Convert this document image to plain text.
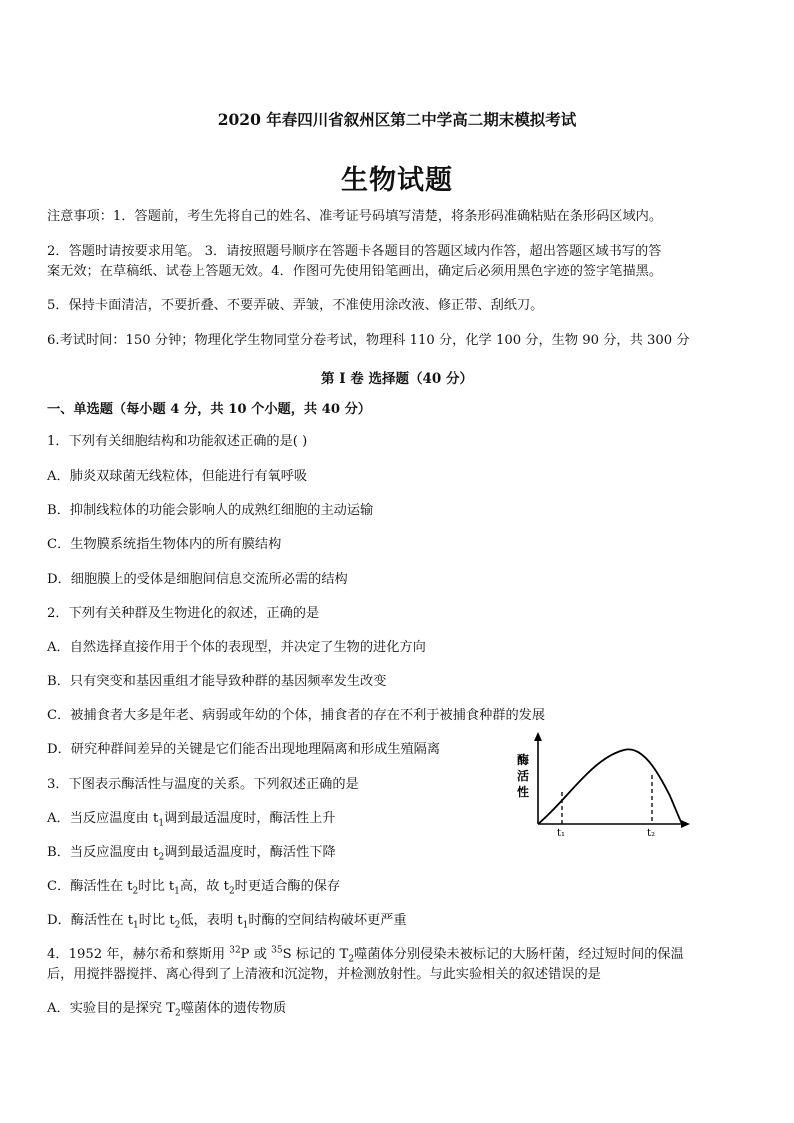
2020 年春四川省叙州区第二中学高二期末模拟考试
生物试题
注意事项：1．答题前，考生先将自己的姓名、准考证号码填写清楚，将条形码准确粘贴在条形码区域内。
2．答题时请按要求用笔。 3．请按照题号顺序在答题卡各题目的答题区域内作答，超出答题区域书写的答
案无效；在草稿纸、试卷上答题无效。4．作图可先使用铅笔画出，确定后必须用黑色字迹的签字笔描黑。
5．保持卡面清洁，不要折叠、不要弄破、弄皱，不准使用涂改液、修正带、刮纸刀。
6.考试时间：150 分钟；物理化学生物同堂分卷考试，物理科 110 分，化学 100 分，生物 90 分，共 300 分
第 I 卷 选择题（40 分）
一、单选题（每小题 4 分，共 10 个小题，共 40 分）
1．下列有关细胞结构和功能叙述正确的是( )
A．肺炎双球菌无线粒体，但能进行有氧呼吸
B．抑制线粒体的功能会影响人的成熟红细胞的主动运输
C．生物膜系统指生物体内的所有膜结构
D．细胞膜上的受体是细胞间信息交流所必需的结构
2．下列有关种群及生物进化的叙述，正确的是
A．自然选择直接作用于个体的表现型，并决定了生物的进化方向
B．只有突变和基因重组才能导致种群的基因频率发生改变
C．被捕食者大多是年老、病弱或年幼的个体，捕食者的存在不利于被捕食种群的发展
D．研究种群间差异的关键是它们能否出现地理隔离和形成生殖隔离
3．下图表示酶活性与温度的关系。下列叙述正确的是
A．当反应温度由 $t_1$调到最适温度时，酶活性上升
B．当反应温度由 $t_2$调到最适温度时，酶活性下降
C．酶活性在 $t_2$时比 $t_1$高，故 $t_2$时更适合酶的保存
D．酶活性在 $t_1$时比 $t_2$低，表明 $t_1$时酶的空间结构破坏更严重
酶
活
性
t₁	t₂
4．1952 年，赫尔希和蔡斯用 $^{32}$P 或 $^{35}$S 标记的 $T_2$噬菌体分别侵染未被标记的大肠杆菌，经过短时间的保温
后，用搅拌器搅拌、离心得到了上清液和沉淀物，并检测放射性。与此实验相关的叙述错误的是
A．实验目的是探究 $T_2$噬菌体的遗传物质
